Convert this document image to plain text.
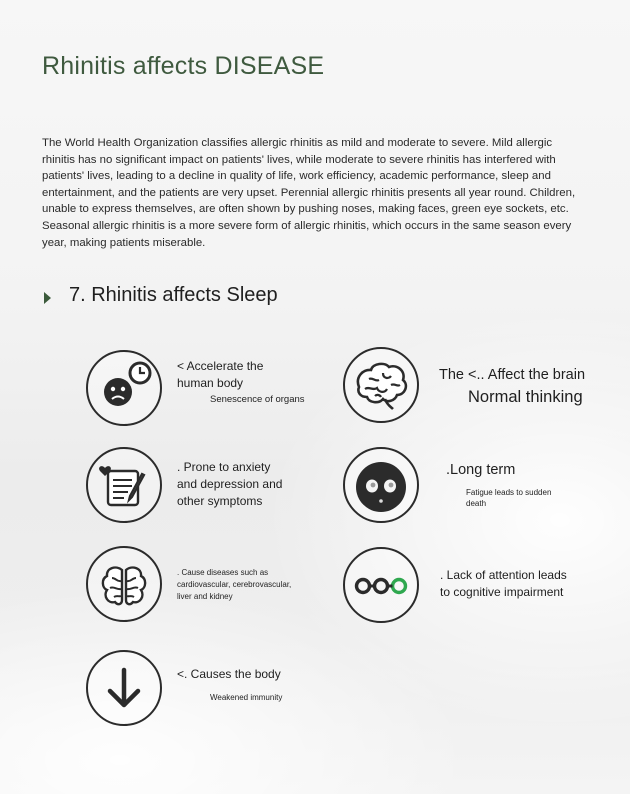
Rhinitis affects DISEASE

The World Health Organization classifies allergic rhinitis as mild and moderate to severe. Mild allergic rhinitis has no significant impact on patients' lives, while moderate to severe rhinitis has interfered with patients' lives, leading to a decline in quality of life, work efficiency, academic performance, sleep and entertainment, and the patients are very upset. Perennial allergic rhinitis presents all year round. Children, unable to express themselves, are often shown by pushing noses, making faces, green eye sockets, etc. Seasonal allergic rhinitis is a more severe form of allergic rhinitis, which occurs in the same season every year, making patients miserable.

7. Rhinitis affects Sleep
< Accelerate the
human body
Senescence of organs
The <.. Affect the brain
Normal thinking
. Prone to anxiety
and depression and
other symptoms
.Long term
Fatigue leads to sudden
death
. Cause diseases such as
cardiovascular, cerebrovascular,
liver and kidney
. Lack of attention leads
to cognitive impairment
<. Causes the body
Weakened immunity
